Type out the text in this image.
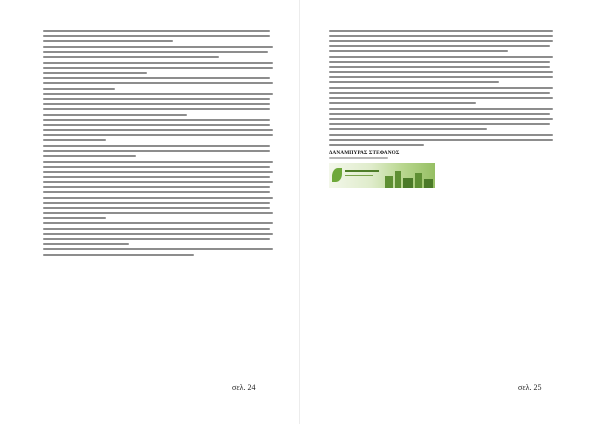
σελ. 24
ΔΑΝΑΜΠΥΡΑΣ ΣΤΕΦΑΝΟΣ
σελ. 25
